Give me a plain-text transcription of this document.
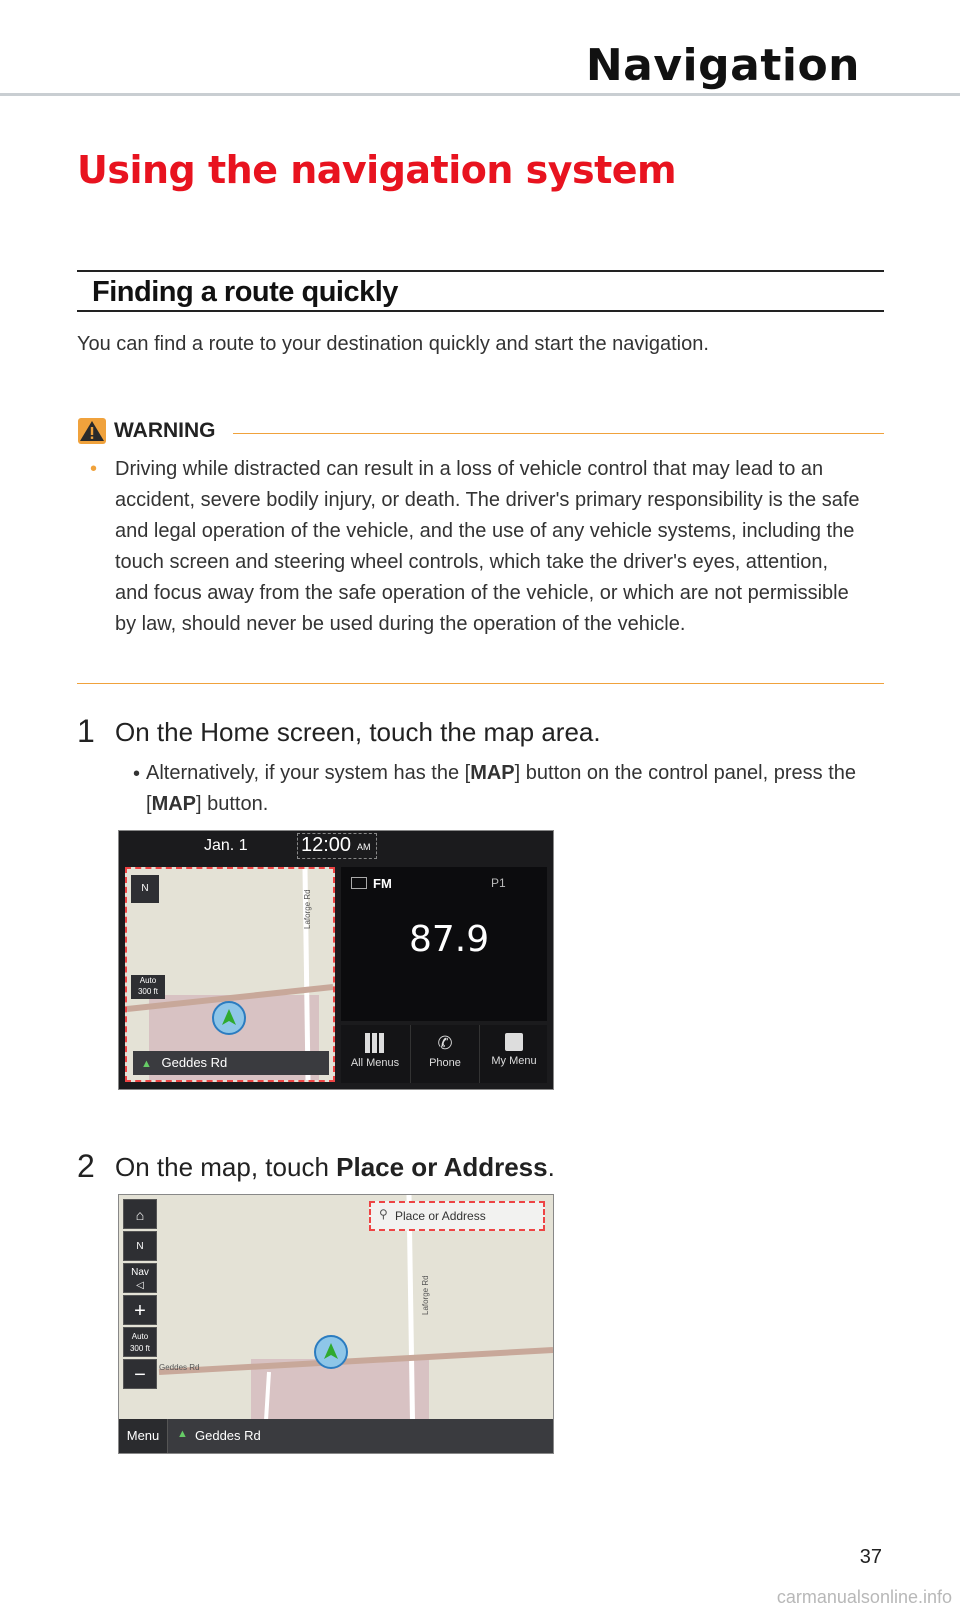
Navigation
Using the navigation system
Finding a route quickly
You can find a route to your destination quickly and start the navigation.
WARNING
• Driving while distracted can result in a loss of vehicle control that may lead to an accident, severe bodily injury, or death. The driver's primary responsibility is the safe and legal operation of the vehicle, and the use of any vehicle systems, including the touch screen and steering wheel controls, which take the driver's eyes, attention, and focus away from the safe operation of the vehicle, or which are not permissible by law, should never be used during the operation of the vehicle.
1 On the Home screen, touch the map area.
• Alternatively, if your system has the [MAP] button on the control panel, press the [MAP] button.
Jan. 1	12:00 AM
N
Auto
300 ft
Laforge Rd
▲ Geddes Rd
FM	P1
87.9
All Menus
✆
Phone	My Menu
2 On the map, touch Place or Address.
⚲ Place or Address
⌂
N
Nav
◁
+
Auto
300 ft
−	Geddes Rd
Laforge Rd
Menu	▲ Geddes Rd
37
carmanualsonline.info
